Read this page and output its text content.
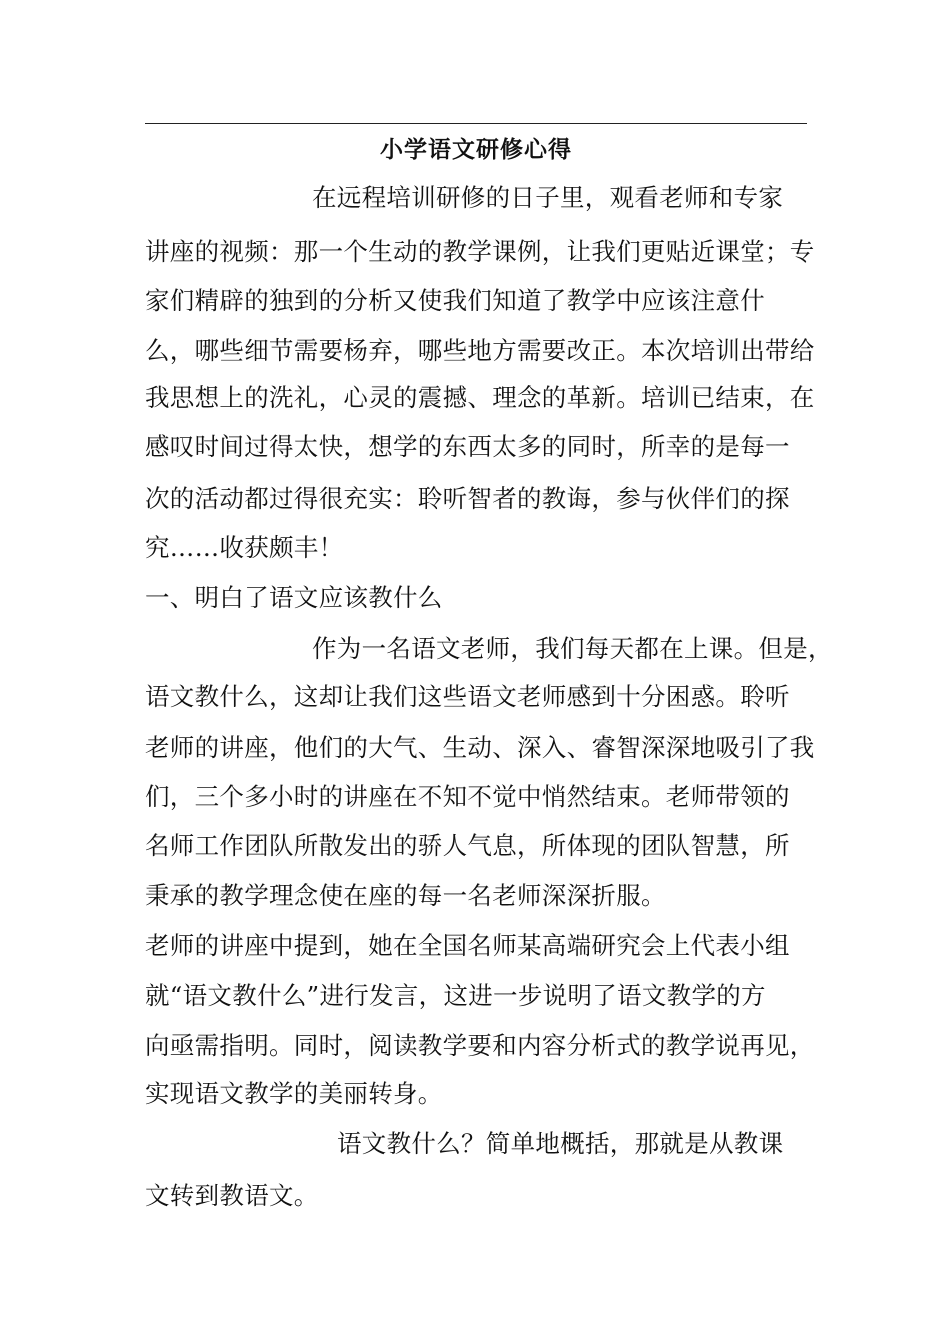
小学语文研修心得
在远程培训研修的日子里，观看老师和专家
讲座的视频：那一个生动的教学课例，让我们更贴近课堂；专
家们精辟的独到的分析又使我们知道了教学中应该注意什
么，哪些细节需要杨弃，哪些地方需要改正。本次培训出带给
我思想上的洗礼，心灵的震撼、理念的革新。培训已结束，在
感叹时间过得太快，想学的东西太多的同时，所幸的是每一
次的活动都过得很充实：聆听智者的教诲，参与伙伴们的探
究……收获颇丰！
一、明白了语文应该教什么
作为一名语文老师，我们每天都在上课。但是，
语文教什么，这却让我们这些语文老师感到十分困惑。聆听
老师的讲座，他们的大气、生动、深入、睿智深深地吸引了我
们，三个多小时的讲座在不知不觉中悄然结束。老师带领的
名师工作团队所散发出的骄人气息，所体现的团队智慧，所
秉承的教学理念使在座的每一名老师深深折服。
老师的讲座中提到，她在全国名师某高端研究会上代表小组
就“语文教什么”进行发言，这进一步说明了语文教学的方
向亟需指明。同时，阅读教学要和内容分析式的教学说再见，
实现语文教学的美丽转身。
语文教什么？简单地概括，那就是从教课
文转到教语文。
